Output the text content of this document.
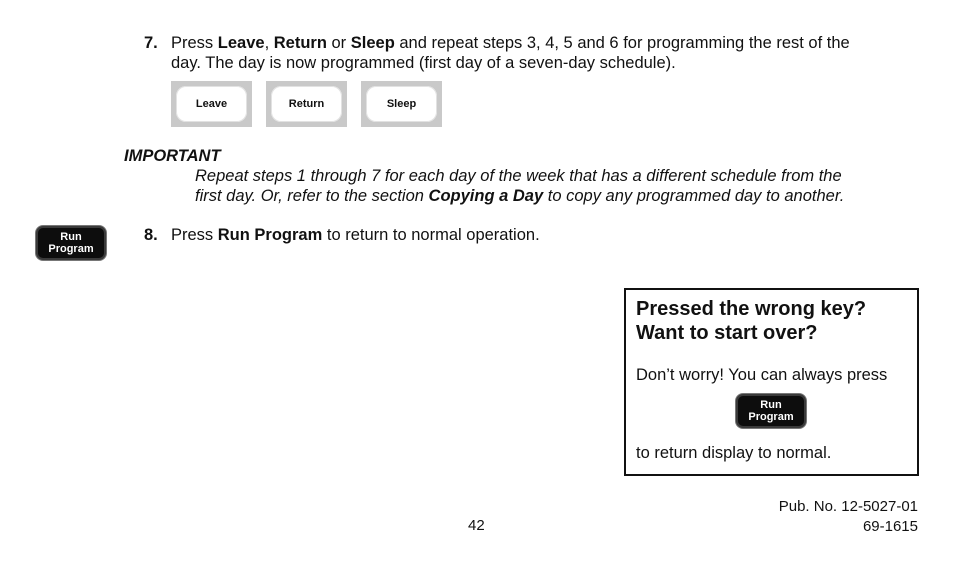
7. Press Leave, Return or Sleep and repeat steps 3, 4, 5 and 6 for programming the rest of the
day. The day is now programmed (first day of a seven-day schedule).
Leave	Return	Sleep
IMPORTANT
Repeat steps 1 through 7 for each day of the week that has a different schedule from the
first day. Or, refer to the section Copying a Day to copy any programmed day to another.
Run
Program
8. Press Run Program to return to normal operation.
Pressed the wrong key?
Want to start over?
Don’t worry! You can always press
Run
Program
to return display to normal.
42
Pub. No. 12-5027-01
69-1615
